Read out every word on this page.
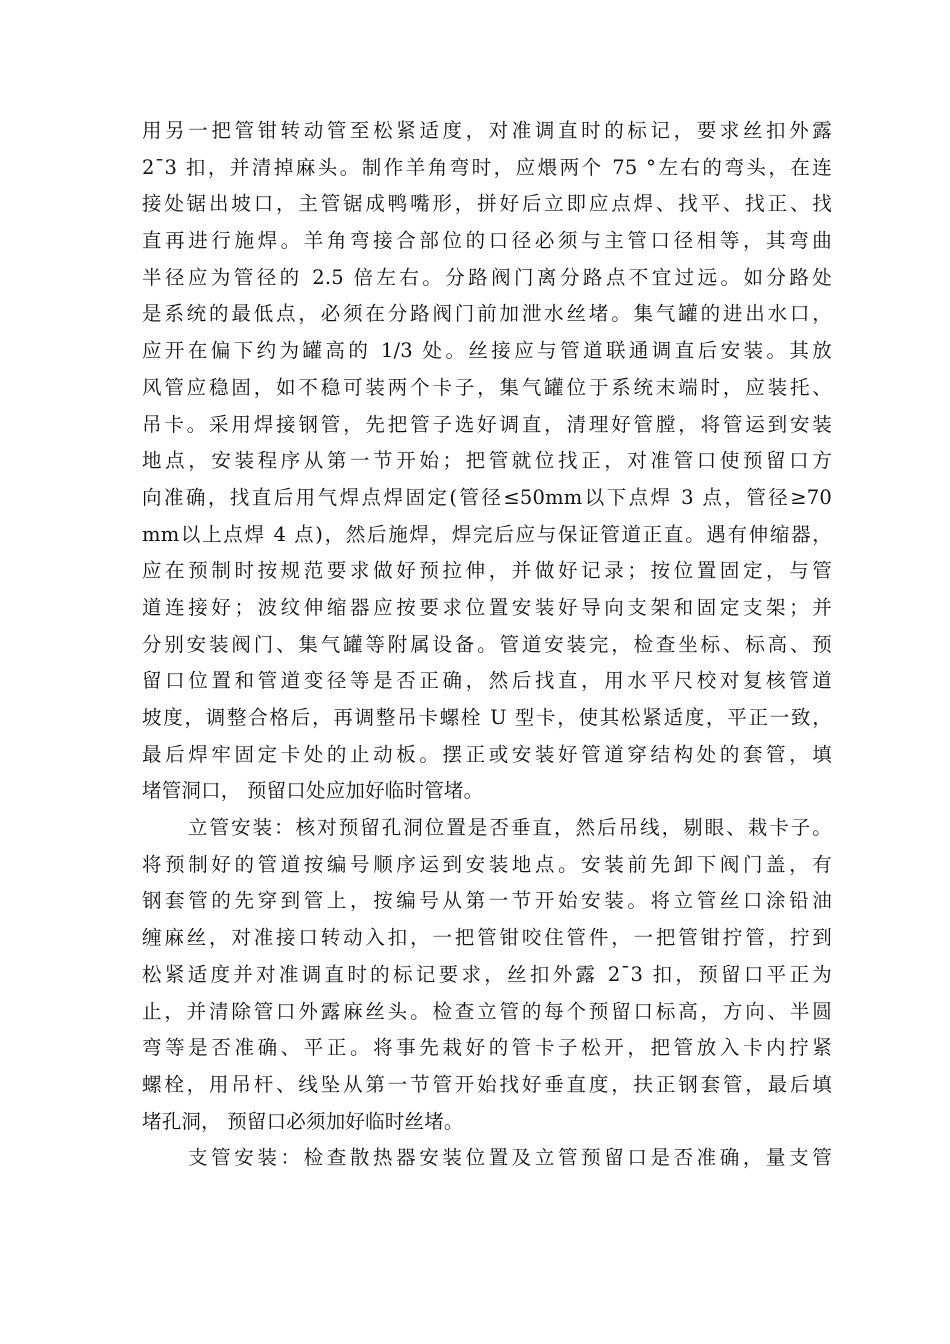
用另一把管钳转动管至松紧适度，对准调直时的标记，要求丝扣外露
2¯3 扣，并清掉麻头。制作羊角弯时，应煨两个 75 °左右的弯头，在连
接处锯出坡口，主管锯成鸭嘴形，拼好后立即应点焊、找平、找正、找
直再进行施焊。羊角弯接合部位的口径必须与主管口径相等，其弯曲
半径应为管径的 2.5 倍左右。分路阀门离分路点不宜过远。如分路处
是系统的最低点，必须在分路阀门前加泄水丝堵。集气罐的进出水口，
应开在偏下约为罐高的 1/3 处。丝接应与管道联通调直后安装。其放
风管应稳固，如不稳可装两个卡子，集气罐位于系统末端时，应装托、
吊卡。采用焊接钢管，先把管子选好调直，清理好管膛，将管运到安装
地点，安装程序从第一节开始；把管就位找正，对准管口使预留口方
向准确，找直后用气焊点焊固定(管径≤50mm以下点焊 3 点，管径≥70
mm以上点焊 4 点)，然后施焊，焊完后应与保证管道正直。遇有伸缩器，
应在预制时按规范要求做好预拉伸，并做好记录；按位置固定，与管
道连接好；波纹伸缩器应按要求位置安装好导向支架和固定支架；并
分别安装阀门、集气罐等附属设备。管道安装完，检查坐标、标高、预
留口位置和管道变径等是否正确，然后找直，用水平尺校对复核管道
坡度，调整合格后，再调整吊卡螺栓 U 型卡，使其松紧适度，平正一致，
最后焊牢固定卡处的止动板。摆正或安装好管道穿结构处的套管，填
堵管洞口， 预留口处应加好临时管堵。
立管安装：核对预留孔洞位置是否垂直，然后吊线，剔眼、栽卡子。
将预制好的管道按编号顺序运到安装地点。安装前先卸下阀门盖，有
钢套管的先穿到管上，按编号从第一节开始安装。将立管丝口涂铅油
缠麻丝，对准接口转动入扣，一把管钳咬住管件，一把管钳拧管，拧到
松紧适度并对准调直时的标记要求，丝扣外露 2¯3 扣，预留口平正为
止，并清除管口外露麻丝头。检查立管的每个预留口标高，方向、半圆
弯等是否准确、平正。将事先栽好的管卡子松开，把管放入卡内拧紧
螺栓，用吊杆、线坠从第一节管开始找好垂直度，扶正钢套管，最后填
堵孔洞， 预留口必须加好临时丝堵。
支管安装：检查散热器安装位置及立管预留口是否准确，量支管
